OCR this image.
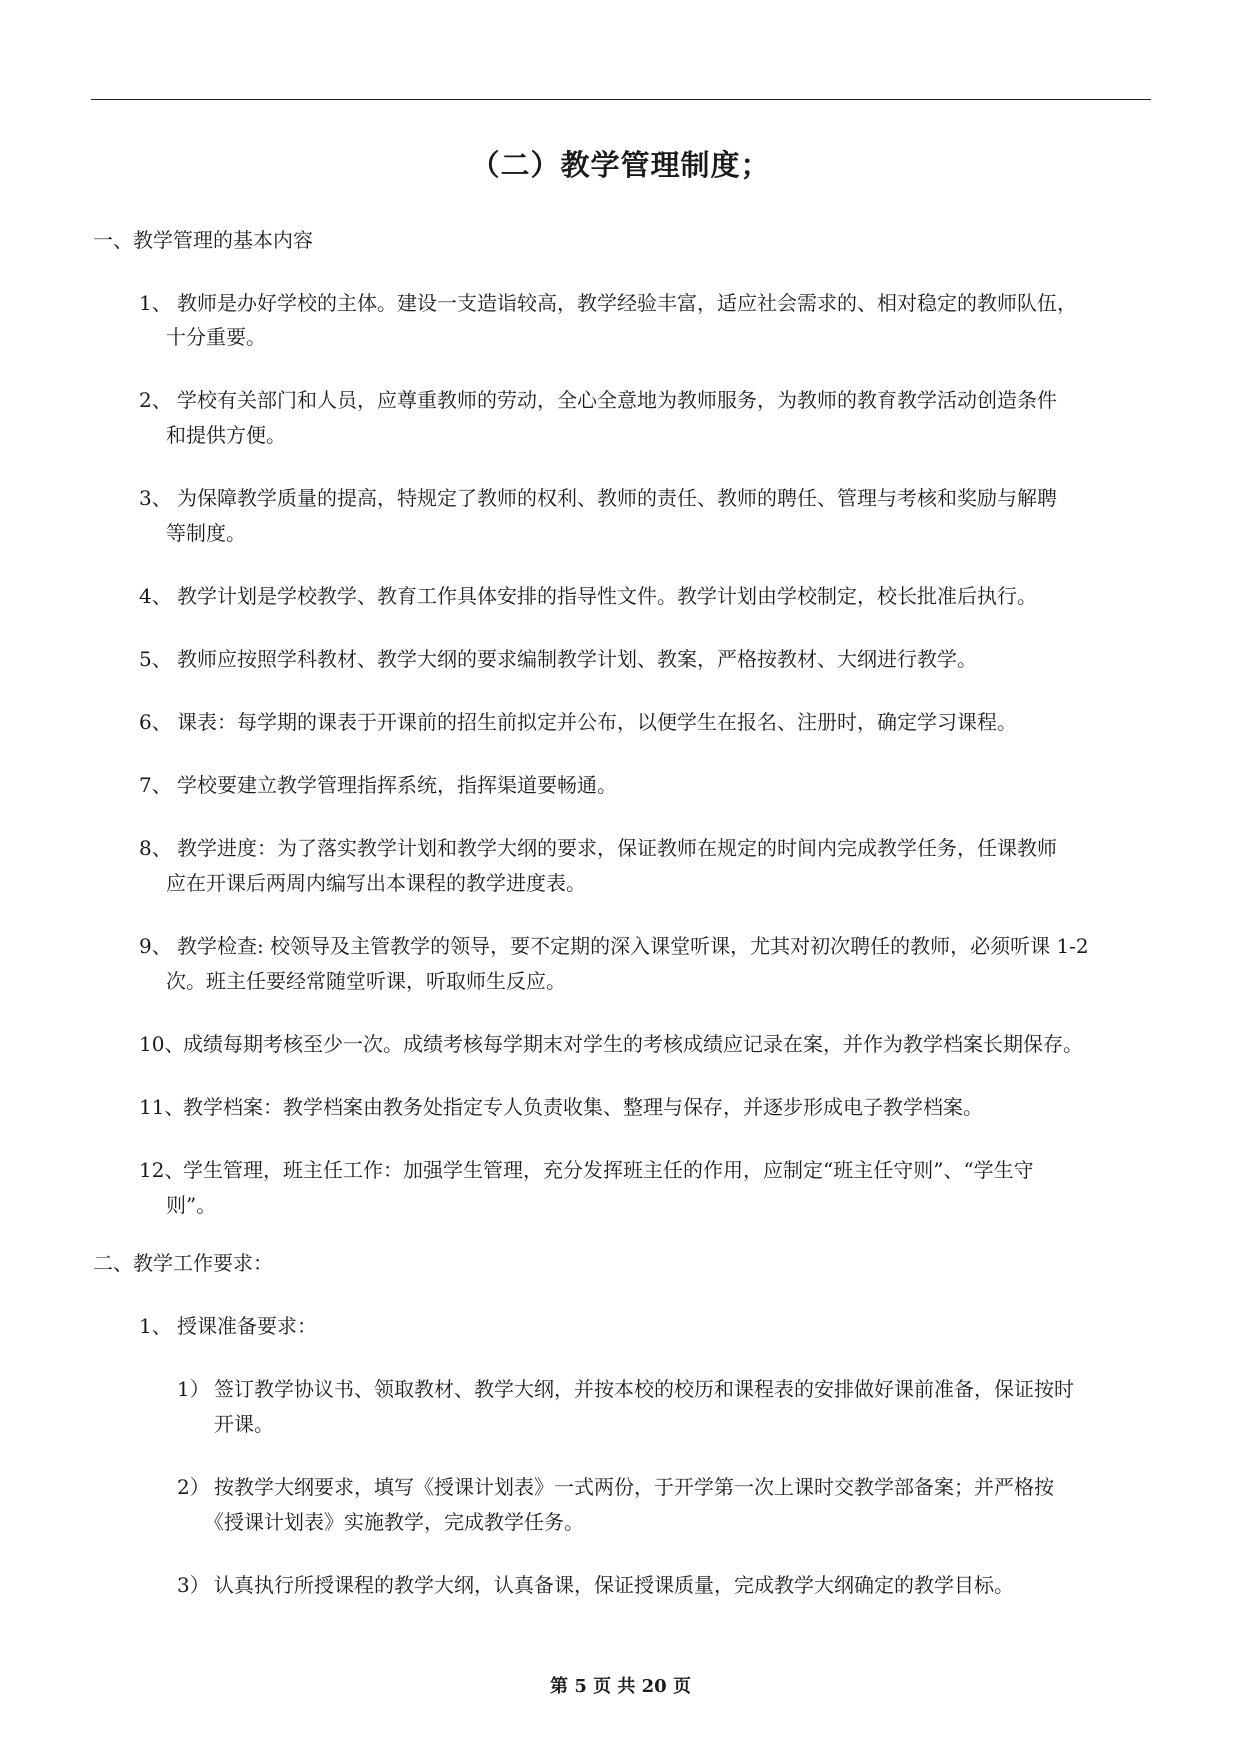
（二）教学管理制度；
一、教学管理的基本内容
1、 教师是办好学校的主体。建设一支造诣较高，教学经验丰富，适应社会需求的、相对稳定的教师队伍，
十分重要。
2、 学校有关部门和人员，应尊重教师的劳动，全心全意地为教师服务，为教师的教育教学活动创造条件
和提供方便。
3、 为保障教学质量的提高，特规定了教师的权利、教师的责任、教师的聘任、管理与考核和奖励与解聘
等制度。
4、 教学计划是学校教学、教育工作具体安排的指导性文件。教学计划由学校制定，校长批准后执行。
5、 教师应按照学科教材、教学大纲的要求编制教学计划、教案，严格按教材、大纲进行教学。
6、 课表：每学期的课表于开课前的招生前拟定并公布，以便学生在报名、注册时，确定学习课程。
7、 学校要建立教学管理指挥系统，指挥渠道要畅通。
8、 教学进度：为了落实教学计划和教学大纲的要求，保证教师在规定的时间内完成教学任务，任课教师
应在开课后两周内编写出本课程的教学进度表。
9、 教学检查: 校领导及主管教学的领导，要不定期的深入课堂听课，尤其对初次聘任的教师，必须听课 1-2
次。班主任要经常随堂听课，听取师生反应。
10、
成绩每期考核至少一次。成绩考核每学期末对学生的考核成绩应记录在案，并作为教学档案长期保存。
11、
教学档案：教学档案由教务处指定专人负责收集、整理与保存，并逐步形成电子教学档案。
12、
学生管理，班主任工作：加强学生管理，充分发挥班主任的作用，应制定“班主任守则”、“学生守
则”。
二、教学工作要求：
1、 授课准备要求：
1） 签订教学协议书、领取教材、教学大纲，并按本校的校历和课程表的安排做好课前准备，保证按时
开课。
2） 按教学大纲要求，填写《授课计划表》一式两份，于开学第一次上课时交教学部备案；并严格按
《授课计划表》实施教学，完成教学任务。
3） 认真执行所授课程的教学大纲，认真备课，保证授课质量，完成教学大纲确定的教学目标。
第 5 页 共 20 页
